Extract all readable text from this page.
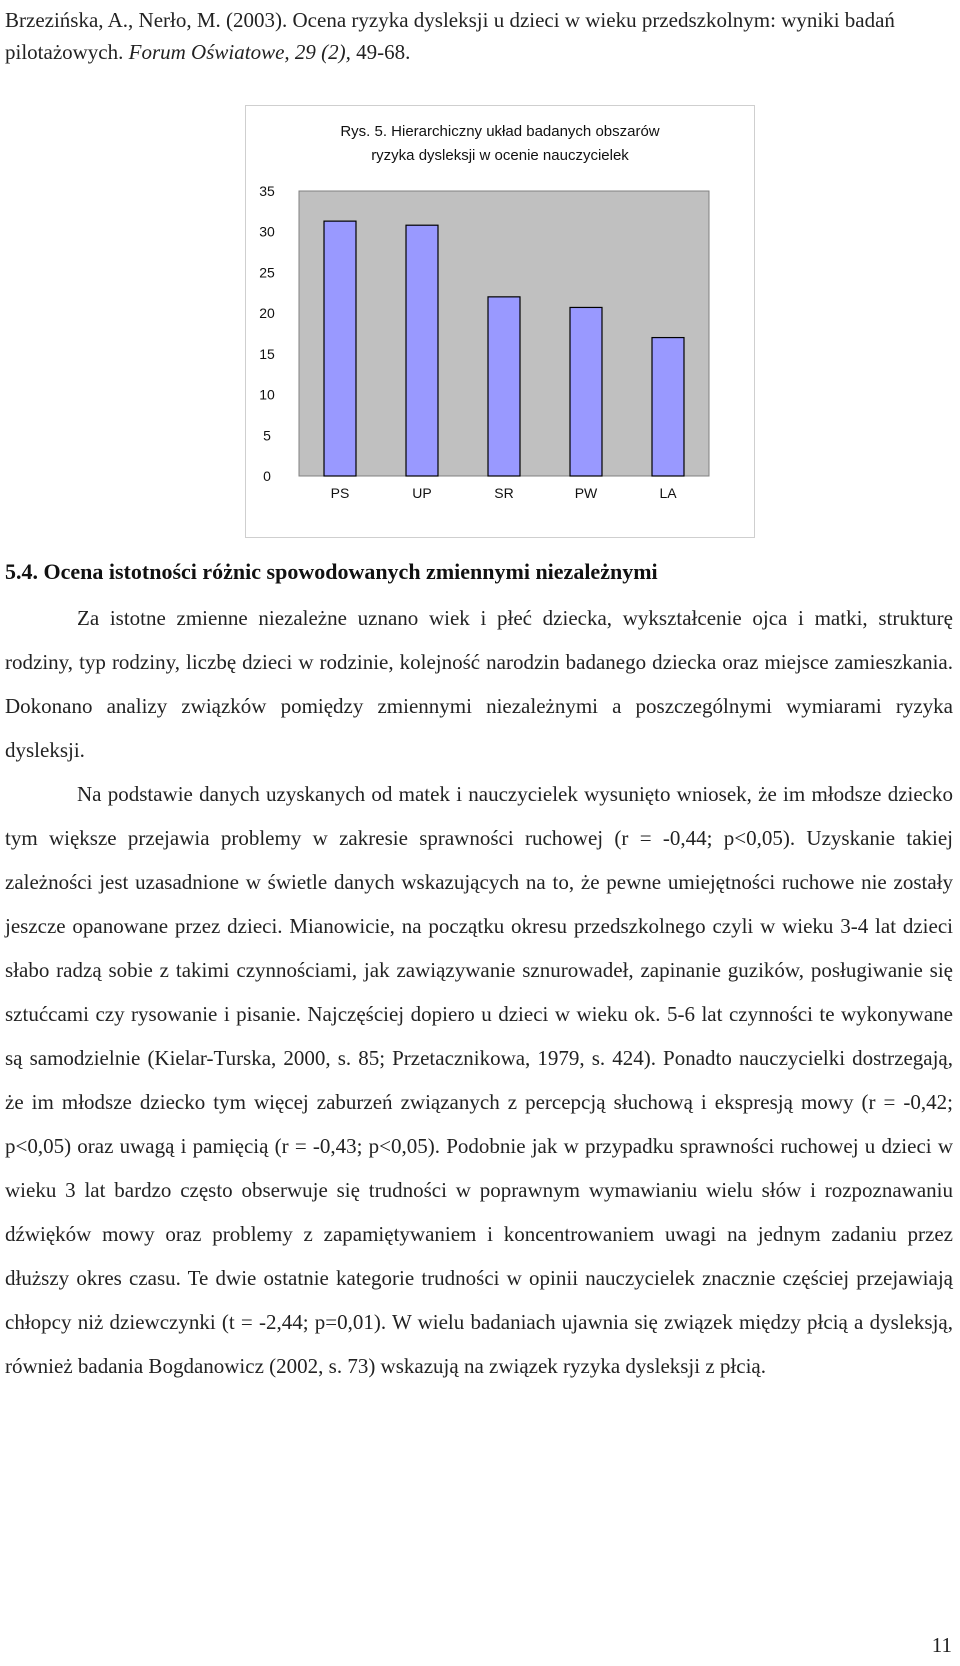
Brzezińska, A., Nerło, M. (2003). Ocena ryzyka dysleksji u dzieci w wieku przedszkolnym: wyniki badań pilotażowych. Forum Oświatowe, 29 (2), 49-68.
Rys. 5. Hierarchiczny układ badanych obszarów
ryzyka dysleksji w ocenie nauczycielek
0
5
10
15
20
25
30
35
PS	UP	SR	PW	LA
5.4. Ocena istotności różnic spowodowanych zmiennymi niezależnymi

Za istotne zmienne niezależne uznano wiek i płeć dziecka, wykształcenie ojca i matki, strukturę rodziny, typ rodziny, liczbę dzieci w rodzinie, kolejność narodzin badanego dziecka oraz miejsce zamieszkania. Dokonano analizy związków pomiędzy zmiennymi niezależnymi a poszczególnymi wymiarami ryzyka dysleksji.

Na podstawie danych uzyskanych od matek i nauczycielek wysunięto wniosek, że im młodsze dziecko tym większe przejawia problemy w zakresie sprawności ruchowej (r = -0,44; p<0,05). Uzyskanie takiej zależności jest uzasadnione w świetle danych wskazujących na to, że pewne umiejętności ruchowe nie zostały jeszcze opanowane przez dzieci. Mianowicie, na początku okresu przedszkolnego czyli w wieku 3-4 lat dzieci słabo radzą sobie z takimi czynnościami, jak zawiązywanie sznurowadeł, zapinanie guzików, posługiwanie się sztućcami czy rysowanie i pisanie. Najczęściej dopiero u dzieci w wieku ok. 5-6 lat czynności te wykonywane są samodzielnie (Kielar-Turska, 2000, s. 85; Przetacznikowa, 1979, s. 424). Ponadto nauczycielki dostrzegają, że im młodsze dziecko tym więcej zaburzeń związanych z percepcją słuchową i ekspresją mowy (r = -0,42; p<0,05) oraz uwagą i pamięcią (r = -0,43; p<0,05). Podobnie jak w przypadku sprawności ruchowej u dzieci w wieku 3 lat bardzo często obserwuje się trudności w poprawnym wymawianiu wielu słów i rozpoznawaniu dźwięków mowy oraz problemy z zapamiętywaniem i koncentrowaniem uwagi na jednym zadaniu przez dłuższy okres czasu. Te dwie ostatnie kategorie trudności w opinii nauczycielek znacznie częściej przejawiają chłopcy niż dziewczynki (t = -2,44; p=0,01). W wielu badaniach ujawnia się związek między płcią a dysleksją, również badania Bogdanowicz (2002, s. 73) wskazują na związek ryzyka dysleksji z płcią.

11
